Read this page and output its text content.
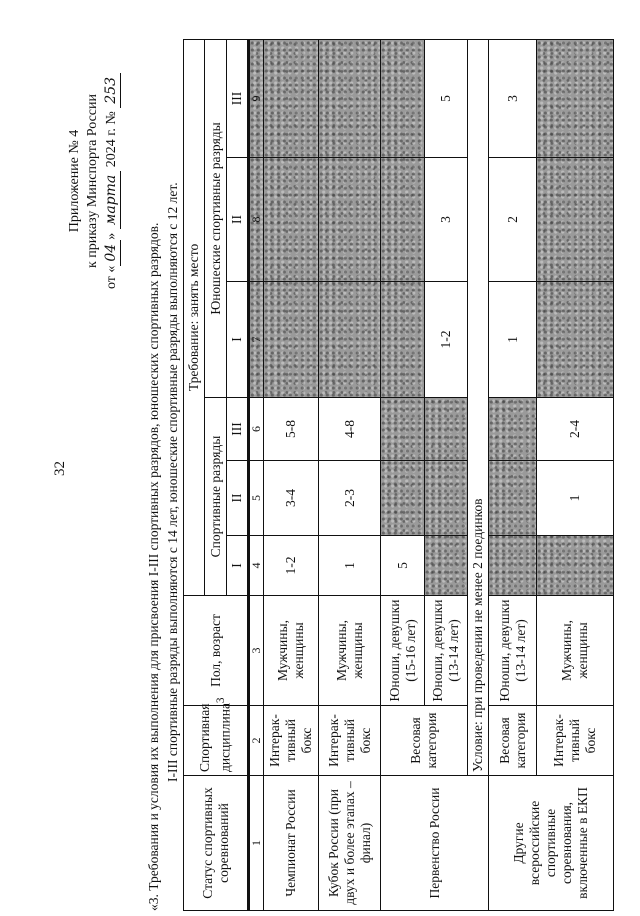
32
Приложение № 4 к приказу Минспорта России
от «04» марта 2024 г. № 253
«3. Требования и условия их выполнения для присвоения I-III спортивных разрядов, юношеских спортивных разрядов. I-III спортивные разряды выполняются с 14 лет, юношеские спортивные разряды выполняются с 12 лет.
Статус спортивных соревнований	Спортивная дисциплина$^3$	Пол, возраст	Требование: занять место					
			Спортивные разряды			Юношеские спортивные разряды		
			I	II	III	I	II	III
1	2	3	4	5	6	7	8	9
Чемпионат России	Интерак-тивный бокс	Мужчины, женщины	1-2	3-4	5-8			
Кубок России (при двух и более этапах – финал)	Интерак-тивный бокс	Мужчины, женщины	1	2-3	4-8			
Первенство России	Весовая категория	Юноши, девушки (15-16 лет)	5					
		Юноши, девушки (13-14 лет)				1-2	3	5
	Условие: при проведении не менее 2 поединков							
Другие всероссийские спортивные соревнования, включенные в ЕКП	Весовая категория	Юноши, девушки (13-14 лет)				1	2	3
	Интерак-тивный бокс	Мужчины, женщины		1	2-4			
